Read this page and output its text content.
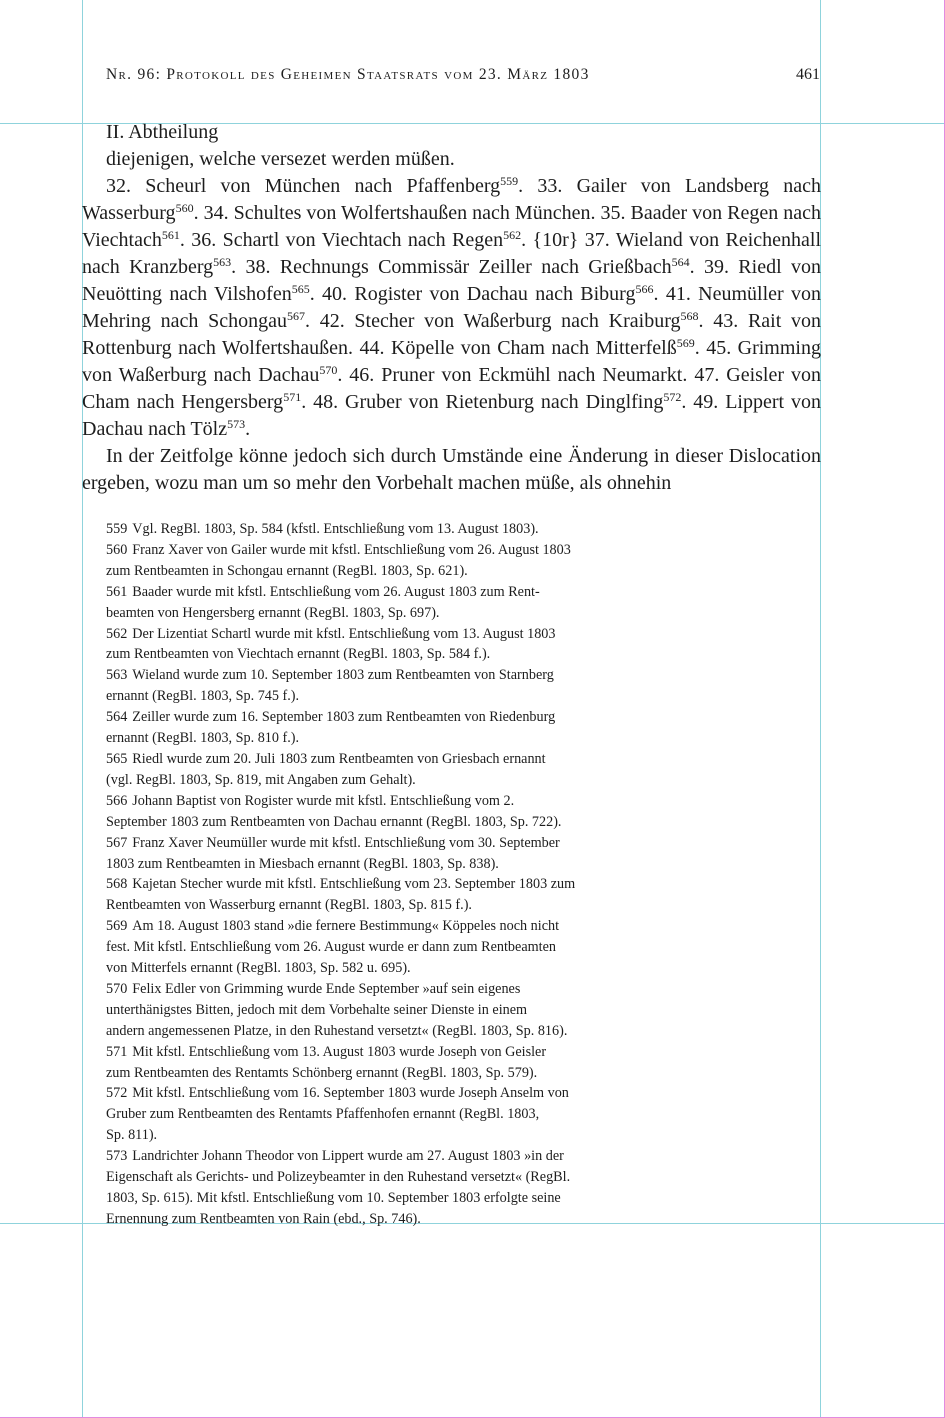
Nr. 96: Protokoll des Geheimen Staatsrats vom 23. März 1803	461

II. Abtheilung

diejenigen, welche versezet werden müßen.

32. Scheurl von München nach Pfaffenberg$^{559}$. 33. Gailer von Landsberg nach Wasserburg$^{560}$. 34. Schultes von Wolfertshaußen nach München. 35. Baader von Regen nach Viechtach$^{561}$. 36. Schartl von Viechtach nach Regen$^{562}$. {10r} 37. Wieland von Reichenhall nach Kranzberg$^{563}$. 38. Rechnungs Commissär Zeiller nach Grießbach$^{564}$. 39. Riedl von Neuötting nach Vilshofen$^{565}$. 40. Rogister von Dachau nach Biburg$^{566}$. 41. Neumüller von Mehring nach Schongau$^{567}$. 42. Stecher von Waßerburg nach Kraiburg$^{568}$. 43. Rait von Rottenburg nach Wolfertshaußen. 44. Köpelle von Cham nach Mitterfelß$^{569}$. 45. Grimming von Waßerburg nach Dachau$^{570}$. 46. Pruner von Eckmühl nach Neumarkt. 47. Geisler von Cham nach Hengersberg$^{571}$. 48. Gruber von Rietenburg nach Dinglfing$^{572}$. 49. Lippert von Dachau nach Tölz$^{573}$.

In der Zeitfolge könne jedoch sich durch Umstände eine Änderung in dieser Dislocation ergeben, wozu man um so mehr den Vorbehalt machen müße, als ohnehin

559 Vgl. RegBl. 1803, Sp. 584 (kfstl. Entschließung vom 13. August 1803).

560 Franz Xaver von Gailer wurde mit kfstl. Entschließung vom 26. August 1803

zum Rentbeamten in Schongau ernannt (RegBl. 1803, Sp. 621).

561 Baader wurde mit kfstl. Entschließung vom 26. August 1803 zum Rent-

beamten von Hengersberg ernannt (RegBl. 1803, Sp. 697).

562 Der Lizentiat Schartl wurde mit kfstl. Entschließung vom 13. August 1803

zum Rentbeamten von Viechtach ernannt (RegBl. 1803, Sp. 584 f.).

563 Wieland wurde zum 10. September 1803 zum Rentbeamten von Starnberg

ernannt (RegBl. 1803, Sp. 745 f.).

564 Zeiller wurde zum 16. September 1803 zum Rentbeamten von Riedenburg

ernannt (RegBl. 1803, Sp. 810 f.).

565 Riedl wurde zum 20. Juli 1803 zum Rentbeamten von Griesbach ernannt

(vgl. RegBl. 1803, Sp. 819, mit Angaben zum Gehalt).

566 Johann Baptist von Rogister wurde mit kfstl. Entschließung vom 2.

September 1803 zum Rentbeamten von Dachau ernannt (RegBl. 1803, Sp. 722).

567 Franz Xaver Neumüller wurde mit kfstl. Entschließung vom 30. September

1803 zum Rentbeamten in Miesbach ernannt (RegBl. 1803, Sp. 838).

568 Kajetan Stecher wurde mit kfstl. Entschließung vom 23. September 1803 zum

Rentbeamten von Wasserburg ernannt (RegBl. 1803, Sp. 815 f.).

569 Am 18. August 1803 stand »die fernere Bestimmung« Köppeles noch nicht

fest. Mit kfstl. Entschließung vom 26. August wurde er dann zum Rentbeamten

von Mitterfels ernannt (RegBl. 1803, Sp. 582 u. 695).

570 Felix Edler von Grimming wurde Ende September »auf sein eigenes

unterthänigstes Bitten, jedoch mit dem Vorbehalte seiner Dienste in einem

andern angemessenen Platze, in den Ruhestand versetzt« (RegBl. 1803, Sp. 816).

571 Mit kfstl. Entschließung vom 13. August 1803 wurde Joseph von Geisler

zum Rentbeamten des Rentamts Schönberg ernannt (RegBl. 1803, Sp. 579).

572 Mit kfstl. Entschließung vom 16. September 1803 wurde Joseph Anselm von

Gruber zum Rentbeamten des Rentamts Pfaffenhofen ernannt (RegBl. 1803,

Sp. 811).

573 Landrichter Johann Theodor von Lippert wurde am 27. August 1803 »in der

Eigenschaft als Gerichts- und Polizeybeamter in den Ruhestand versetzt« (RegBl.

1803, Sp. 615). Mit kfstl. Entschließung vom 10. September 1803 erfolgte seine

Ernennung zum Rentbeamten von Rain (ebd., Sp. 746).
